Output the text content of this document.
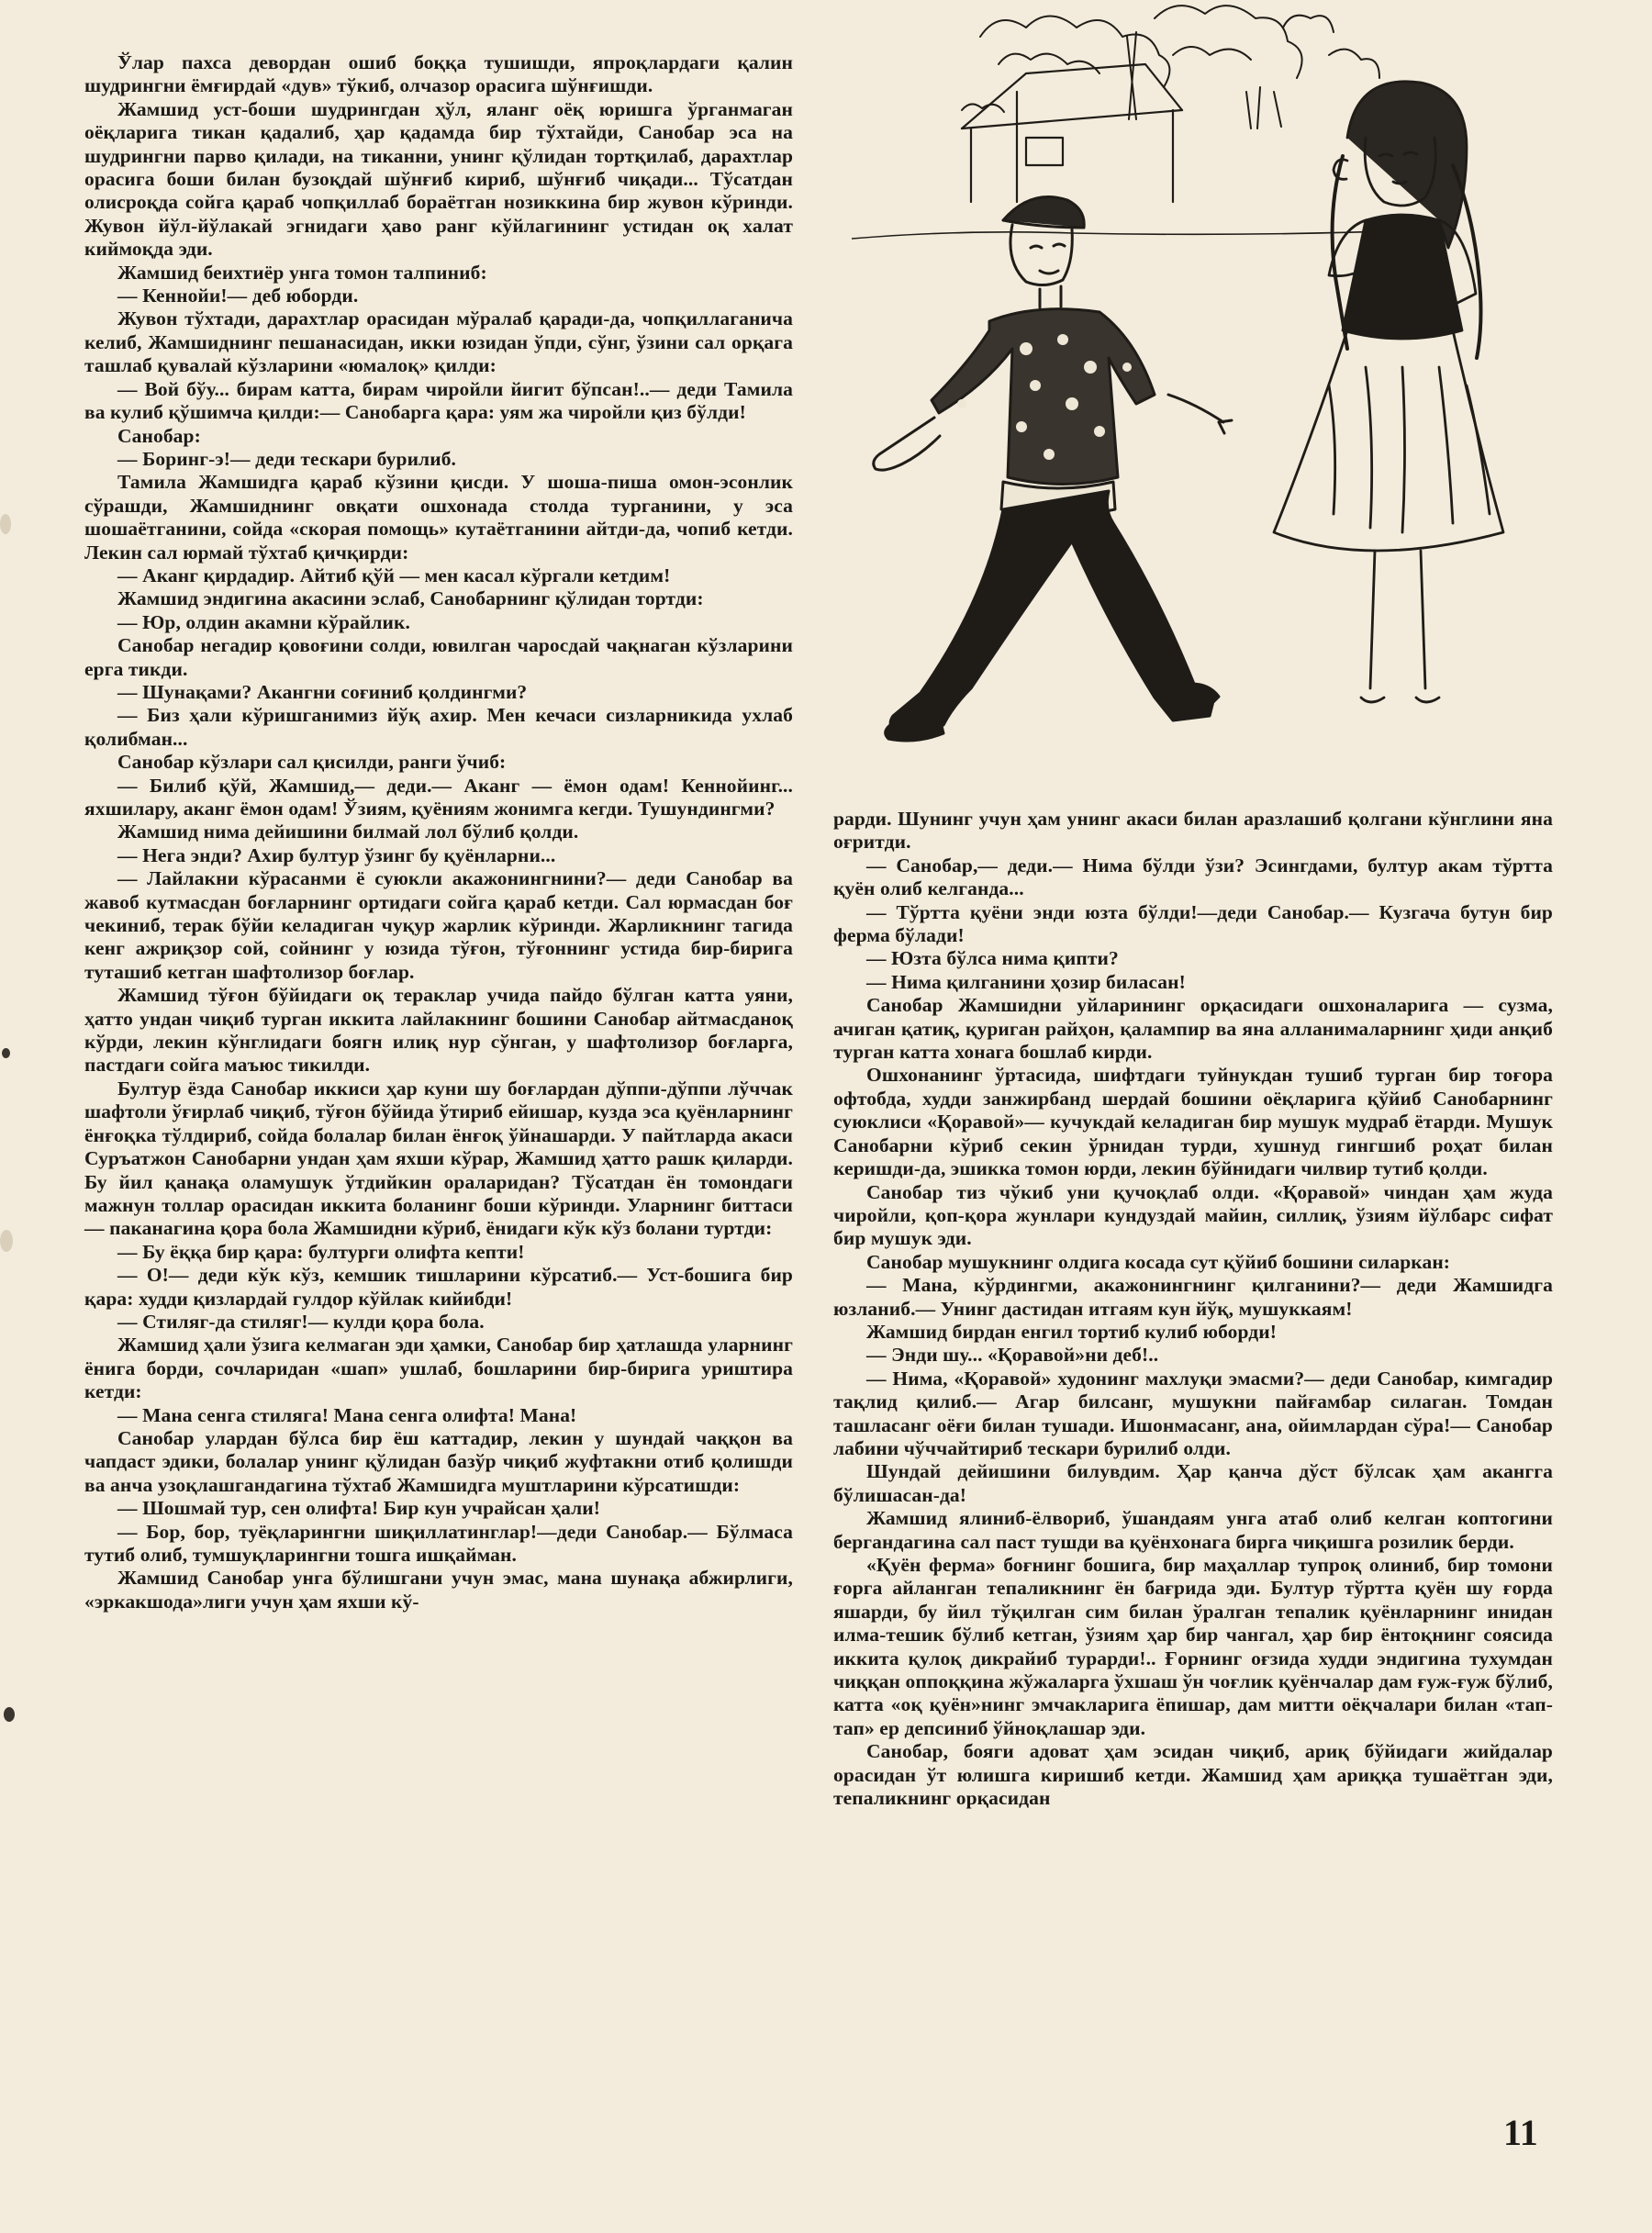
Ўлар пахса девордан ошиб боққа тушишди, япроқлардаги қалин шудрингни ёмғирдай «дув» тўкиб, олчазор орасига шўнғишди.

Жамшид уст-боши шудрингдан ҳўл, яланг оёқ юришга ўрганмаган оёқларига тикан қадалиб, ҳар қадамда бир тўхтайди, Санобар эса на шудрингни парво қилади, на тиканни, унинг қўлидан тортқилаб, дарахтлар орасига боши билан бузоқдай шўнғиб кириб, шўнғиб чиқади... Тўсатдан олисроқда сойга қараб чопқиллаб бораётган нозиккина бир жувон кўринди. Жувон йўл-йўлакай эгнидаги ҳаво ранг кўйлагининг устидан оқ халат киймоқда эди.

Жамшид беихтиёр унга томон талпиниб:

— Кеннойи!— деб юборди.

Жувон тўхтади, дарахтлар орасидан мўралаб қаради-да, чопқиллаганича келиб, Жамшиднинг пешанасидан, икки юзидан ўпди, сўнг, ўзини сал орқага ташлаб қувалай кўзларини «юмалоқ» қилди:

— Вой бўу... бирам катта, бирам чиройли йигит бўпсан!..— деди Тамила ва кулиб қўшимча қилди:— Санобарга қара: уям жа чиройли қиз бўлди!

Санобар:

— Боринг-э!— деди тескари бурилиб.

Тамила Жамшидга қараб кўзини қисди. У шоша-пиша омон-эсонлик сўрашди, Жамшиднинг овқати ошхонада столда турганини, у эса шошаётганини, сойда «скорая помощь» кутаётганини айтди-да, чопиб кетди. Лекин сал юрмай тўхтаб қичқирди:

— Аканг қирдадир. Айтиб қўй — мен касал кўргали кетдим!

Жамшид эндигина акасини эслаб, Санобарнинг қўлидан тортди:

— Юр, олдин акамни кўрайлик.

Санобар негадир қовоғини солди, ювилган чаросдай чақнаган кўзларини ерга тикди.

— Шунақами? Акангни соғиниб қолдингми?

— Биз ҳали кўришганимиз йўқ ахир. Мен кечаси сизларникида ухлаб қолибман...

Санобар кўзлари сал қисилди, ранги ўчиб:

— Билиб қўй, Жамшид,— деди.— Аканг — ёмон одам! Кеннойинг... яхшилару, аканг ёмон одам! Ўзиям, қуёниям жонимга кегди. Тушундингми?

Жамшид нима дейишини билмай лол бўлиб қолди.

— Нега энди? Ахир бултур ўзинг бу қуёнларни...

— Лайлакни кўрасанми ё суюкли акажонингнини?— деди Санобар ва жавоб кутмасдан боғларнинг ортидаги сойга қараб кетди. Сал юрмасдан боғ чекиниб, терак бўйи келадиган чуқур жарлик кўринди. Жарликнинг тагида кенг ажриқзор сой, сойнинг у юзида тўғон, тўғоннинг устида бир-бирига туташиб кетган шафтолизор боғлар.

Жамшид тўғон бўйидаги оқ тераклар учида пайдо бўлган катта уяни, ҳатто ундан чиқиб турган иккита лайлакнинг бошини Санобар айтмасданоқ кўрди, лекин кўнглидаги боягн илиқ нур сўнган, у шафтолизор боғларга, пастдаги сойга маъюс тикилди.

Бултур ёзда Санобар иккиси ҳар куни шу боғлардан дўппи-дўппи лўччак шафтоли ўғирлаб чиқиб, тўғон бўйида ўтириб ейишар, кузда эса қуёнларнинг ёнғоқка тўлдириб, сойда болалар билан ёнғоқ ўйнашарди. У пайтларда акаси Суръатжон Санобарни ундан ҳам яхши кўрар, Жамшид ҳатто рашк қиларди. Бу йил қанақа оламушук ўтдийкин ораларидан? Тўсатдан ён томондаги мажнун толлар орасидан иккита боланинг боши кўринди. Уларнинг биттаси — паканагина қора бола Жамшидни кўриб, ёнидаги кўк кўз болани туртди:

— Бу ёққа бир қара: бултурги олифта кепти!

— О!— деди кўк кўз, кемшик тишларини кўрсатиб.— Уст-бошига бир қара: худди қизлардай гулдор кўйлак кийибди!

— Стиляг-да стиляг!— кулди қора бола.

Жамшид ҳали ўзига келмаган эди ҳамки, Санобар бир ҳатлашда уларнинг ёнига борди, сочларидан «шап» ушлаб, бошларини бир-бирига уриштира кетди:

— Мана сенга стиляга! Мана сенга олифта! Мана!

Санобар улардан бўлса бир ёш каттадир, лекин у шундай чаққон ва чапдаст эдики, болалар унинг қўлидан базўр чиқиб жуфтакни отиб қолишди ва анча узоқлашгандагина тўхтаб Жамшидга муштларини кўрсатишди:

— Шошмай тур, сен олифта! Бир кун учрайсан ҳали!

— Бор, бор, туёқларингни шиқиллатинглар!—деди Санобар.— Бўлмаса тутиб олиб, тумшуқларингни тошга ишқайман.

Жамшид Санобар унга бўлишгани учун эмас, мана шунақа абжирлиги, «эркакшода»лиги учун ҳам яхши кў-

рарди. Шунинг учун ҳам унинг акаси билан аразлашиб қолгани кўнглини яна оғритди.

— Санобар,— деди.— Нима бўлди ўзи? Эсингдами, бултур акам тўртта қуён олиб келганда...

— Тўртта қуёни энди юзта бўлди!—деди Санобар.— Кузгача бутун бир ферма бўлади!

— Юзта бўлса нима қипти?

— Нима қилганини ҳозир биласан!

Санобар Жамшидни уйларининг орқасидаги ошхоналарига — сузма, ачиган қатиқ, қуриган райҳон, қалампир ва яна алланималарнинг ҳиди анқиб турган катта хонага бошлаб кирди.

Ошхонанинг ўртасида, шифтдаги туйнукдан тушиб турган бир тоғора офтобда, худди занжирбанд шердай бошини оёқларига қўйиб Санобарнинг суюклиси «Қоравой»— кучукдай келадиган бир мушук мудраб ётарди. Мушук Санобарни кўриб секин ўрнидан турди, хушнуд гингшиб роҳат билан керишди-да, эшикка томон юрди, лекин бўйнидаги чилвир тутиб қолди.

Санобар тиз чўкиб уни қучоқлаб олди. «Қоравой» чиндан ҳам жуда чиройли, қоп-қора жунлари кундуздай майин, силлиқ, ўзиям йўлбарс сифат бир мушук эди.

Санобар мушукнинг олдига косада сут қўйиб бошини силаркан:

— Мана, кўрдингми, акажонингнинг қилганини?— деди Жамшидга юзланиб.— Унинг дастидан итгаям кун йўқ, мушуккаям!

Жамшид бирдан енгил тортиб кулиб юборди!

— Энди шу... «Қоравой»ни деб!..

— Нима, «Қоравой» худонинг махлуқи эмасми?— деди Санобар, кимгадир тақлид қилиб.— Агар билсанг, мушукни пайғамбар силаган. Томдан ташласанг оёғи билан тушади. Ишонмасанг, ана, ойимлардан сўра!— Санобар лабини чўччайтириб тескари бурилиб олди.

Шундай дейишини билувдим. Ҳар қанча дўст бўлсак ҳам акангга бўлишасан-да!

Жамшид ялиниб-ёлвориб, ўшандаям унга атаб олиб келган коптогини бергандагина сал паст тушди ва қуёнхонага бирга чиқишга розилик берди.

«Қуён ферма» боғнинг бошига, бир маҳаллар тупроқ олиниб, бир томони ғорга айланган тепаликнинг ён бағрида эди. Бултур тўртта қуён шу ғорда яшарди, бу йил тўқилган сим билан ўралган тепалик қуёнларнинг инидан илма-тешик бўлиб кетган, ўзиям ҳар бир чангал, ҳар бир ёнтоқнинг соясида иккита қулоқ дикрайиб турарди!.. Ғорнинг оғзида худди эндигина тухумдан чиққан оппоққина жўжаларга ўхшаш ўн чоғлик қуёнчалар дам ғуж-ғуж бўлиб, катта «оқ қуён»нинг эмчакларига ёпишар, дам митти оёқчалари билан «тап-тап» ер депсиниб ўйноқлашар эди.

Санобар, бояги адоват ҳам эсидан чиқиб, ариқ бўйидаги жийдалар орасидан ўт юлишга киришиб кетди. Жамшид ҳам ариққа тушаётган эди, тепаликнинг орқасидан

11
